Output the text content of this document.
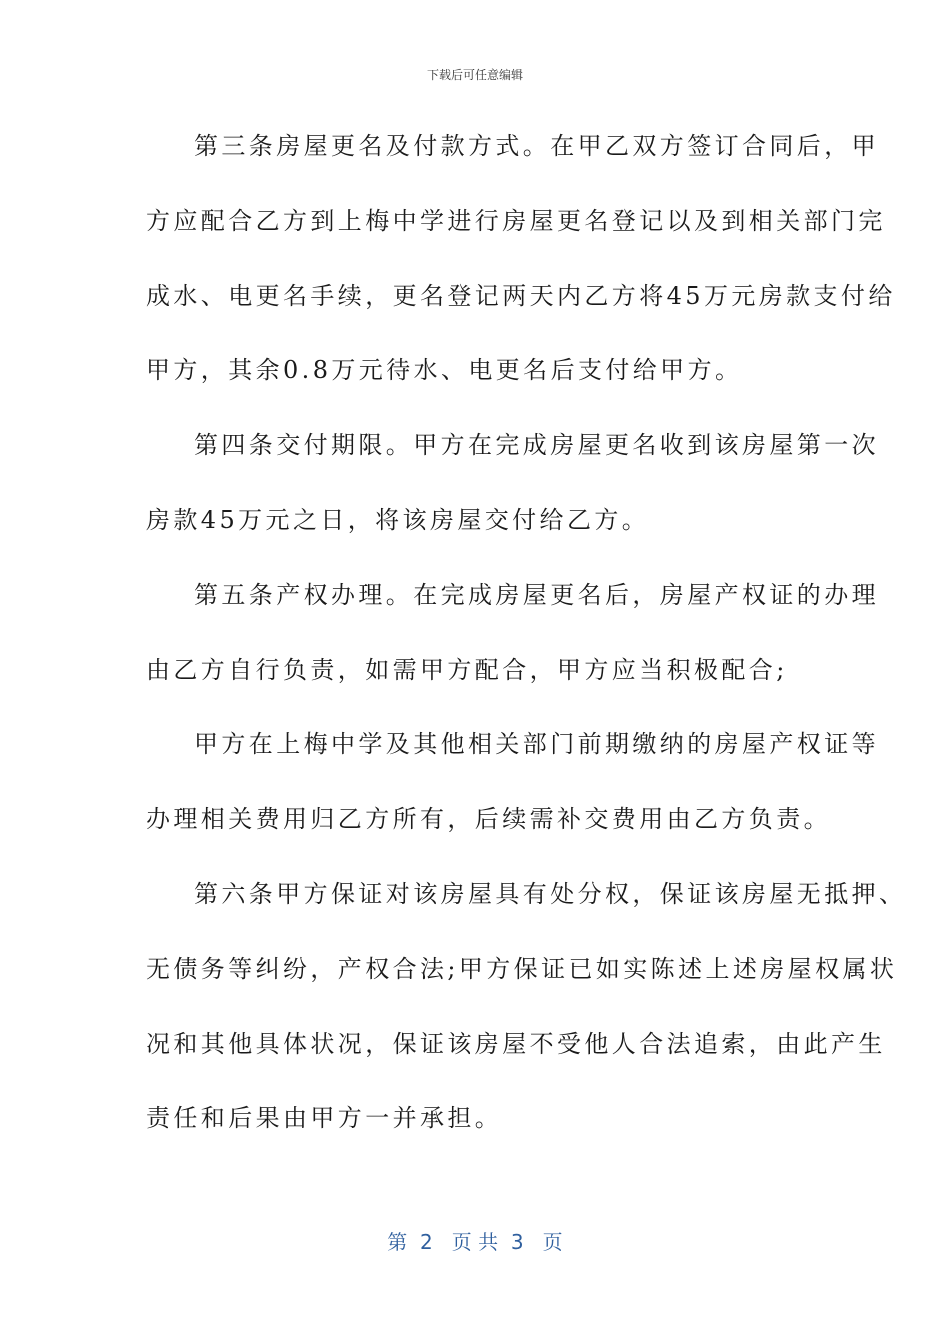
下载后可任意编辑
第三条房屋更名及付款方式。在甲乙双方签订合同后，甲
方应配合乙方到上梅中学进行房屋更名登记以及到相关部门完
成水、电更名手续，更名登记两天内乙方将45万元房款支付给
甲方，其余0.8万元待水、电更名后支付给甲方。
第四条交付期限。甲方在完成房屋更名收到该房屋第一次
房款45万元之日，将该房屋交付给乙方。
第五条产权办理。在完成房屋更名后，房屋产权证的办理
由乙方自行负责，如需甲方配合，甲方应当积极配合;
甲方在上梅中学及其他相关部门前期缴纳的房屋产权证等
办理相关费用归乙方所有，后续需补交费用由乙方负责。
第六条甲方保证对该房屋具有处分权，保证该房屋无抵押、
无债务等纠纷，产权合法;甲方保证已如实陈述上述房屋权属状
况和其他具体状况，保证该房屋不受他人合法追索，由此产生
责任和后果由甲方一并承担。
第  2   页 共  3   页
